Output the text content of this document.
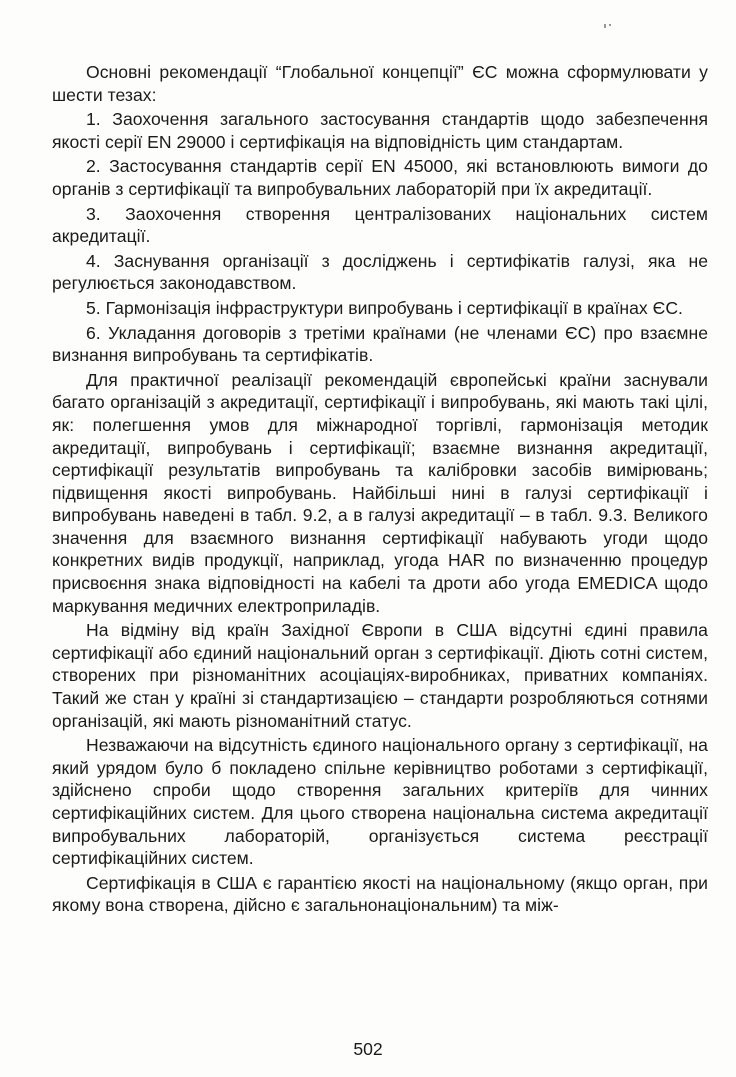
Основні рекомендації “Глобальної концепції” ЄС можна сформулювати у шести тезах:

1. Заохочення загального застосування стандартів щодо забезпечення якості серії EN 29000 і сертифікація на відповідність цим стандартам.

2. Застосування стандартів серії EN 45000, які встановлюють вимоги до органів з сертифікації та випробувальних лабораторій при їх акредитації.

3. Заохочення створення централізованих національних систем акредитації.

4. Заснування організації з досліджень і сертифікатів галузі, яка не регулюється законодавством.

5. Гармонізація інфраструктури випробувань і сертифікації в країнах ЄС.

6. Укладання договорів з третіми країнами (не членами ЄС) про взаємне визнання випробувань та сертифікатів.

Для практичної реалізації рекомендацій європейські країни заснували багато організацій з акредитації, сертифікації і випробувань, які мають такі цілі, як: полегшення умов для міжнародної торгівлі, гармонізація методик акредитації, випробувань і сертифікації; взаємне визнання акредитації, сертифікації результатів випробувань та калібровки засобів вимірювань; підвищення якості випробувань. Найбільші нині в галузі сертифікації і випробувань наведені в табл. 9.2, а в галузі акредитації – в табл. 9.3. Великого значення для взаємного визнання сертифікації набувають угоди щодо конкретних видів продукції, наприклад, угода HAR по визначенню процедур присвоєння знака відповідності на кабелі та дроти або угода EMEDICA щодо маркування медичних електроприладів.

На відміну від країн Західної Європи в США відсутні єдині правила сертифікації або єдиний національний орган з сертифікації. Діють сотні систем, створених при різноманітних асоціаціях-виробниках, приватних компаніях. Такий же стан у країні зі стандартизацією – стандарти розробляються сотнями організацій, які мають різноманітний статус.

Незважаючи на відсутність єдиного національного органу з сертифікації, на який урядом було б покладено спільне керівництво роботами з сертифікації, здійснено спроби щодо створення загальних критеріїв для чинних сертифікаційних систем. Для цього створена національна система акредитації випробувальних лабораторій, організується система реєстрації сертифікаційних систем.

Сертифікація в США є гарантією якості на національному (якщо орган, при якому вона створена, дійсно є загальнонаціональним) та між-

502
